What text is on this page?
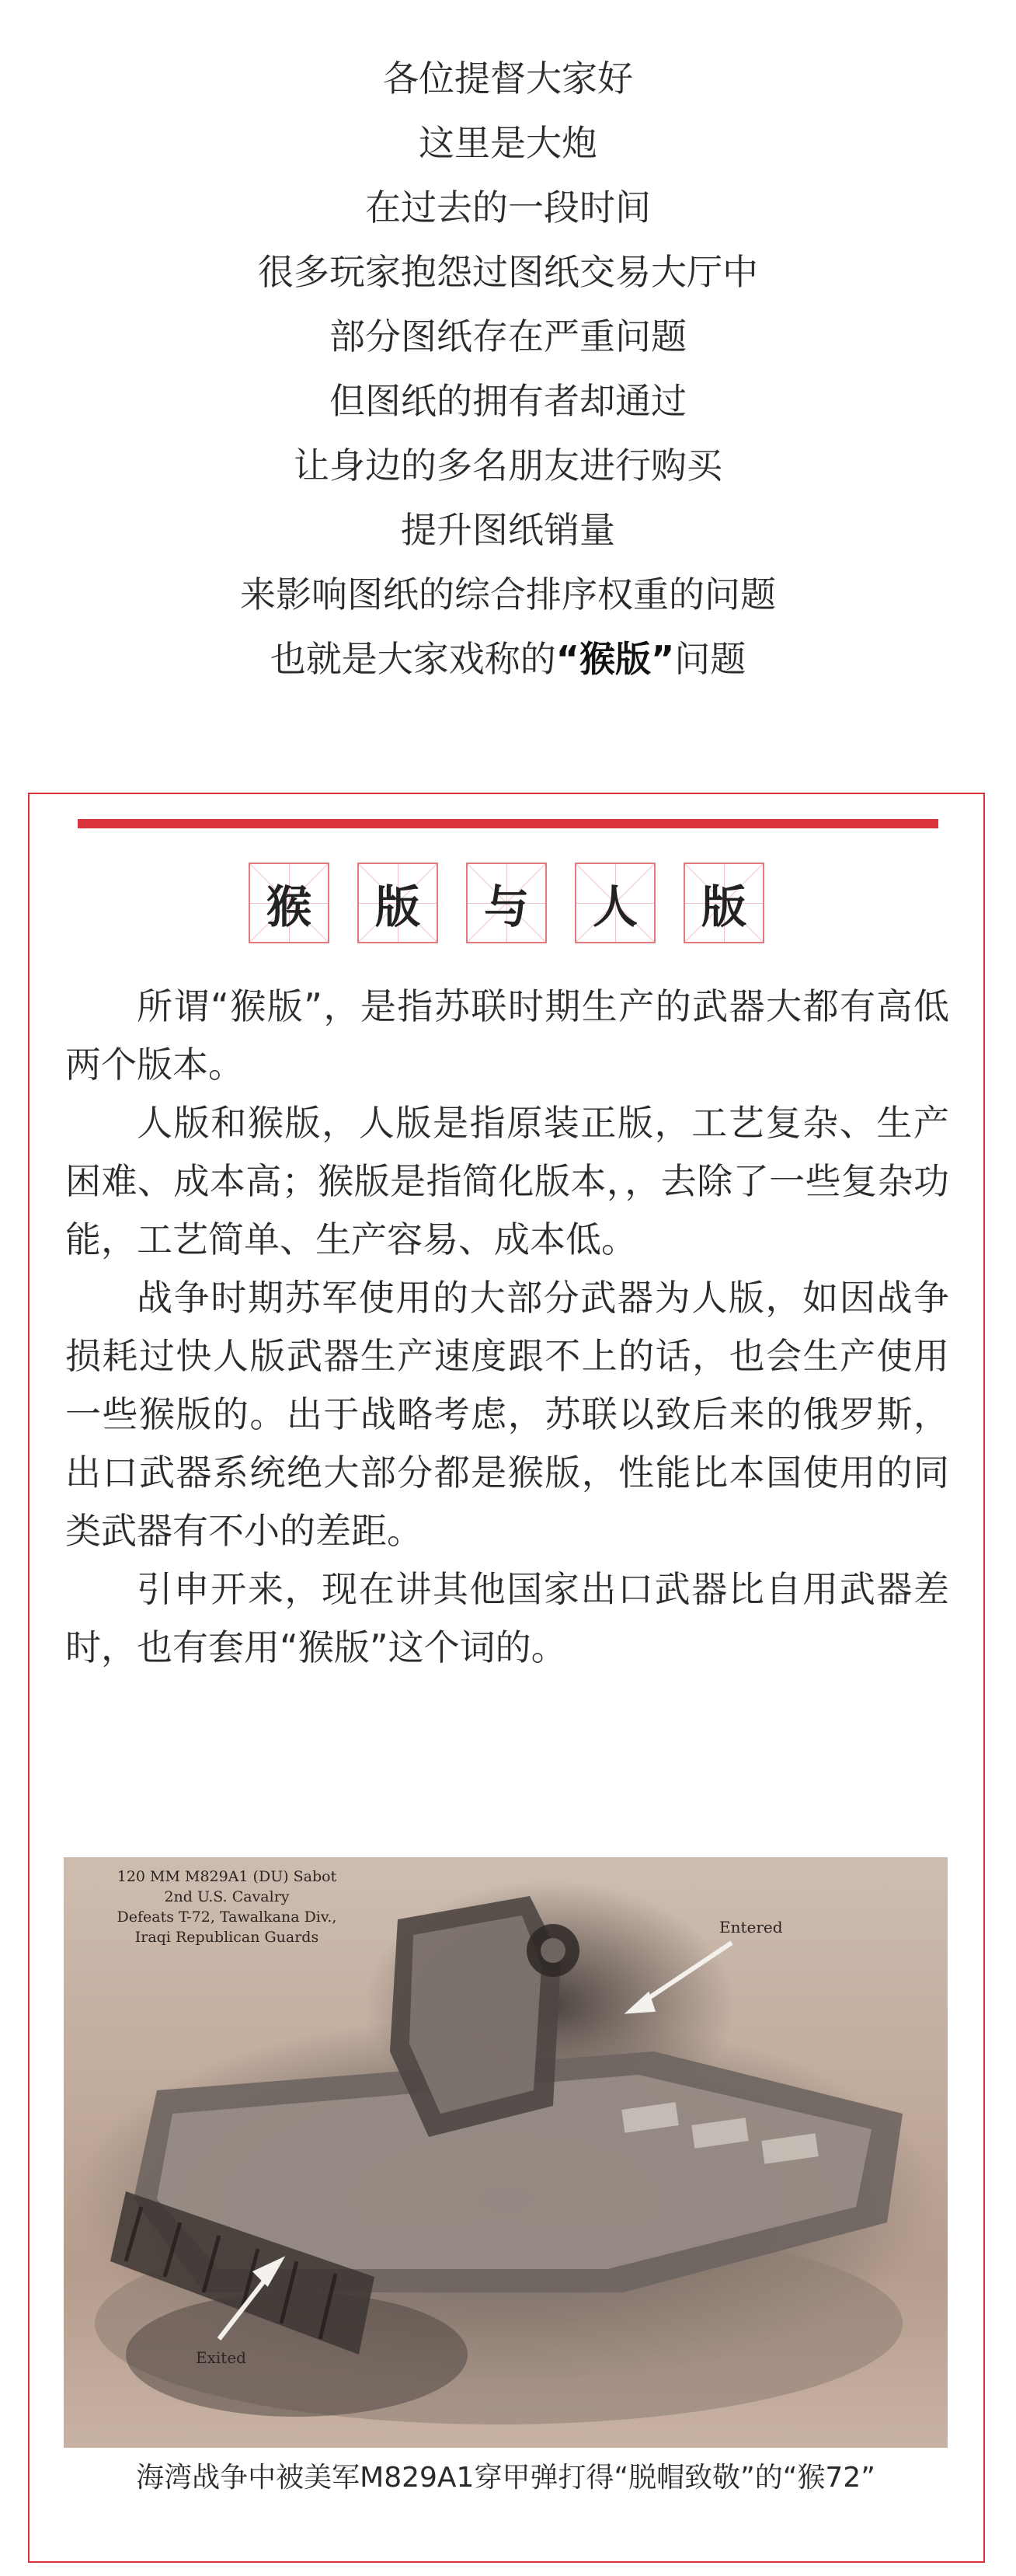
各位提督大家好
这里是大炮
在过去的一段时间
很多玩家抱怨过图纸交易大厅中
部分图纸存在严重问题
但图纸的拥有者却通过
让身边的多名朋友进行购买
提升图纸销量
来影响图纸的综合排序权重的问题
也就是大家戏称的“猴版”问题
猴 版 与 人 版

所谓“猴版”，是指苏联时期生产的武器大都有高低两个版本。

人版和猴版，人版是指原装正版，工艺复杂、生产困难、成本高；猴版是指简化版本，，去除了一些复杂功能，工艺简单、生产容易、成本低。

战争时期苏军使用的大部分武器为人版，如因战争损耗过快人版武器生产速度跟不上的话，也会生产使用一些猴版的。出于战略考虑，苏联以致后来的俄罗斯，出口武器系统绝大部分都是猴版，性能比本国使用的同类武器有不小的差距。

引申开来，现在讲其他国家出口武器比自用武器差时，也有套用“猴版”这个词的。

120 MM M829A1 (DU) Sabot
2nd U.S. Cavalry
Defeats T-72, Tawalkana Div.,
Iraqi Republican Guards
Entered
Exited
海湾战争中被美军M829A1穿甲弹打得“脱帽致敬”的“猴72”
